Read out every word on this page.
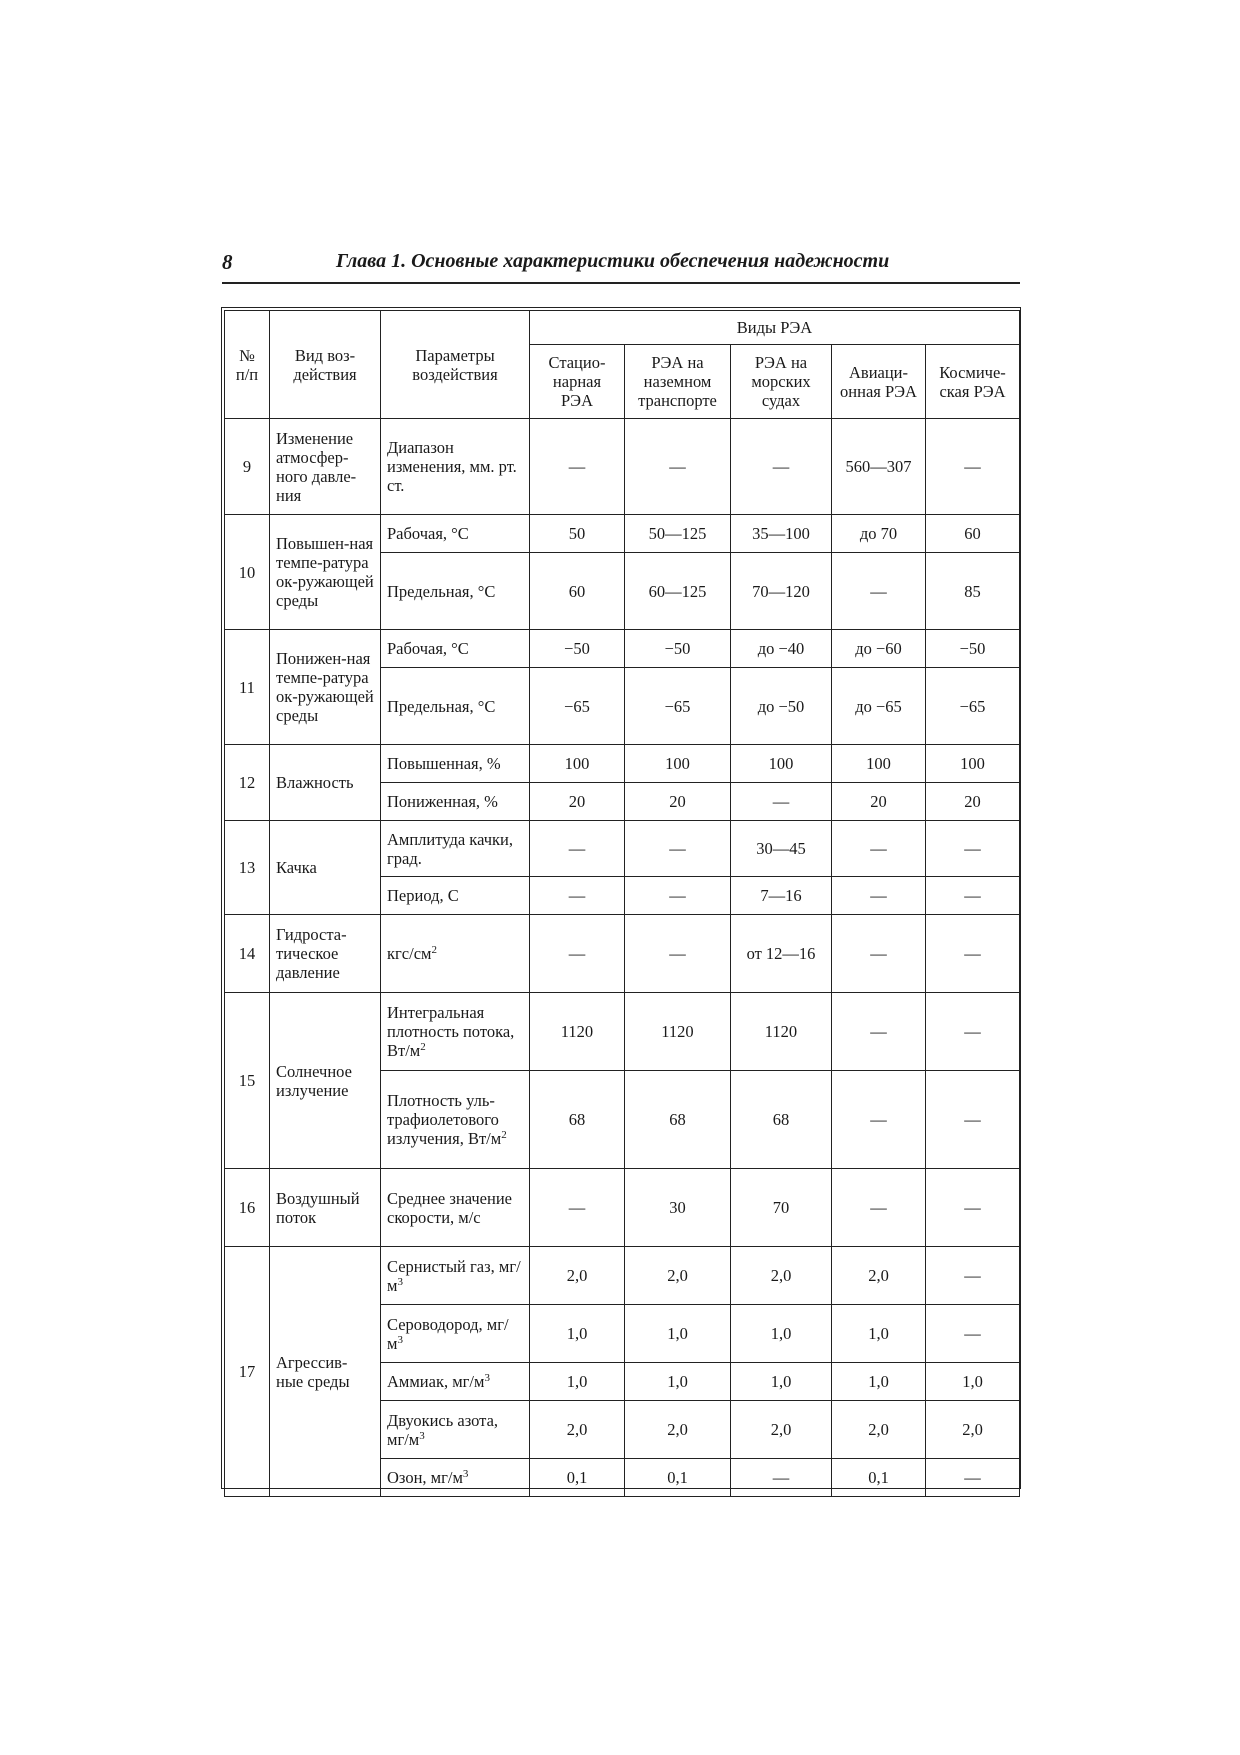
8	Глава 1. Основные характеристики обеспечения надежности
№ п/п	Вид воз-действия	Параметры воздействия	Виды РЭА				
			Стацио-нарная РЭА	РЭА на наземном транспорте	РЭА на морских судах	Авиаци-онная РЭА	Космиче-ская РЭА
9	Изменение атмосфер-ного давле-ния	Диапазон изменения, мм. рт. ст.	—	—	—	560—307	—
10	Повышен-ная темпе-ратура ок-ружающей среды	Рабочая, °С	50	50—125	35—100	до 70	60
		Предельная, °С	60	60—125	70—120	—	85
11	Понижен-ная темпе-ратура ок-ружающей среды	Рабочая, °С	−50	−50	до −40	до −60	−50
		Предельная, °С	−65	−65	до −50	до −65	−65
12	Влажность	Повышенная, %	100	100	100	100	100
		Пониженная, %	20	20	—	20	20
13	Качка	Амплитуда качки, град.	—	—	30—45	—	—
		Период, С	—	—	7—16	—	—
14	Гидроста-тическое давление	кгс/$см^2$	—	—	от 12—16	—	—
15	Солнечное излучение	Интегральная плотность потока, $Вт/м^2$	1120	1120	1120	—	—
		Плотность уль-трафиолетового излучения, $Вт/м^2$	68	68	68	—	—
16	Воздушный поток	Среднее значение скорости, м/с	—	30	70	—	—
17	Агрессив-ные среды	Сернистый газ, $мг/м^3$	2,0	2,0	2,0	2,0	—
		Сероводород, $мг/м^3$	1,0	1,0	1,0	1,0	—
		Аммиак, $мг/м^3$	1,0	1,0	1,0	1,0	1,0
		Двуокись азота, $мг/м^3$	2,0	2,0	2,0	2,0	2,0
		Озон, $мг/м^3$	0,1	0,1	—	0,1	—
